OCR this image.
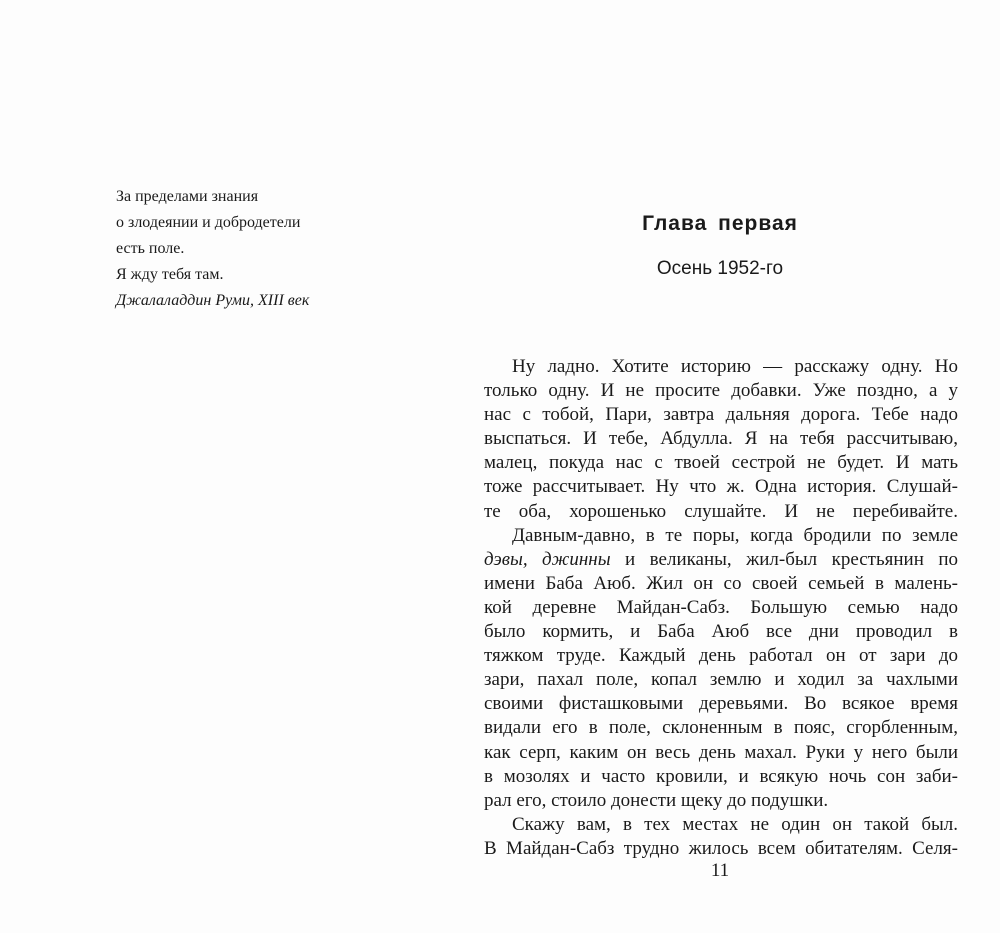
За пределами знания
о злодеянии и добродетели
есть поле.
Я жду тебя там.
Джалаладдин Руми, XIII век
Глава первая
Осень 1952-го
Ну ладно. Хотите историю — расскажу одну. Но
только одну. И не просите добавки. Уже поздно, а у
нас с тобой, Пари, завтра дальняя дорога. Тебе надо
выспаться. И тебе, Абдулла. Я на тебя рассчитываю,
малец, покуда нас с твоей сестрой не будет. И мать
тоже рассчитывает. Ну что ж. Одна история. Слушай-
те оба, хорошенько слушайте. И не перебивайте.
Давным-давно, в те поры, когда бродили по земле
дэвы, джинны и великаны, жил-был крестьянин по
имени Баба Аюб. Жил он со своей семьей в малень-
кой деревне Майдан-Сабз. Большую семью надо
было кормить, и Баба Аюб все дни проводил в
тяжком труде. Каждый день работал он от зари до
зари, пахал поле, копал землю и ходил за чахлыми
своими фисташковыми деревьями. Во всякое время
видали его в поле, склоненным в пояс, сгорбленным,
как серп, каким он весь день махал. Руки у него были
в мозолях и часто кровили, и всякую ночь сон заби-
рал его, стоило донести щеку до подушки.
Скажу вам, в тех местах не один он такой был.
В Майдан-Сабз трудно жилось всем обитателям. Селя-
11
